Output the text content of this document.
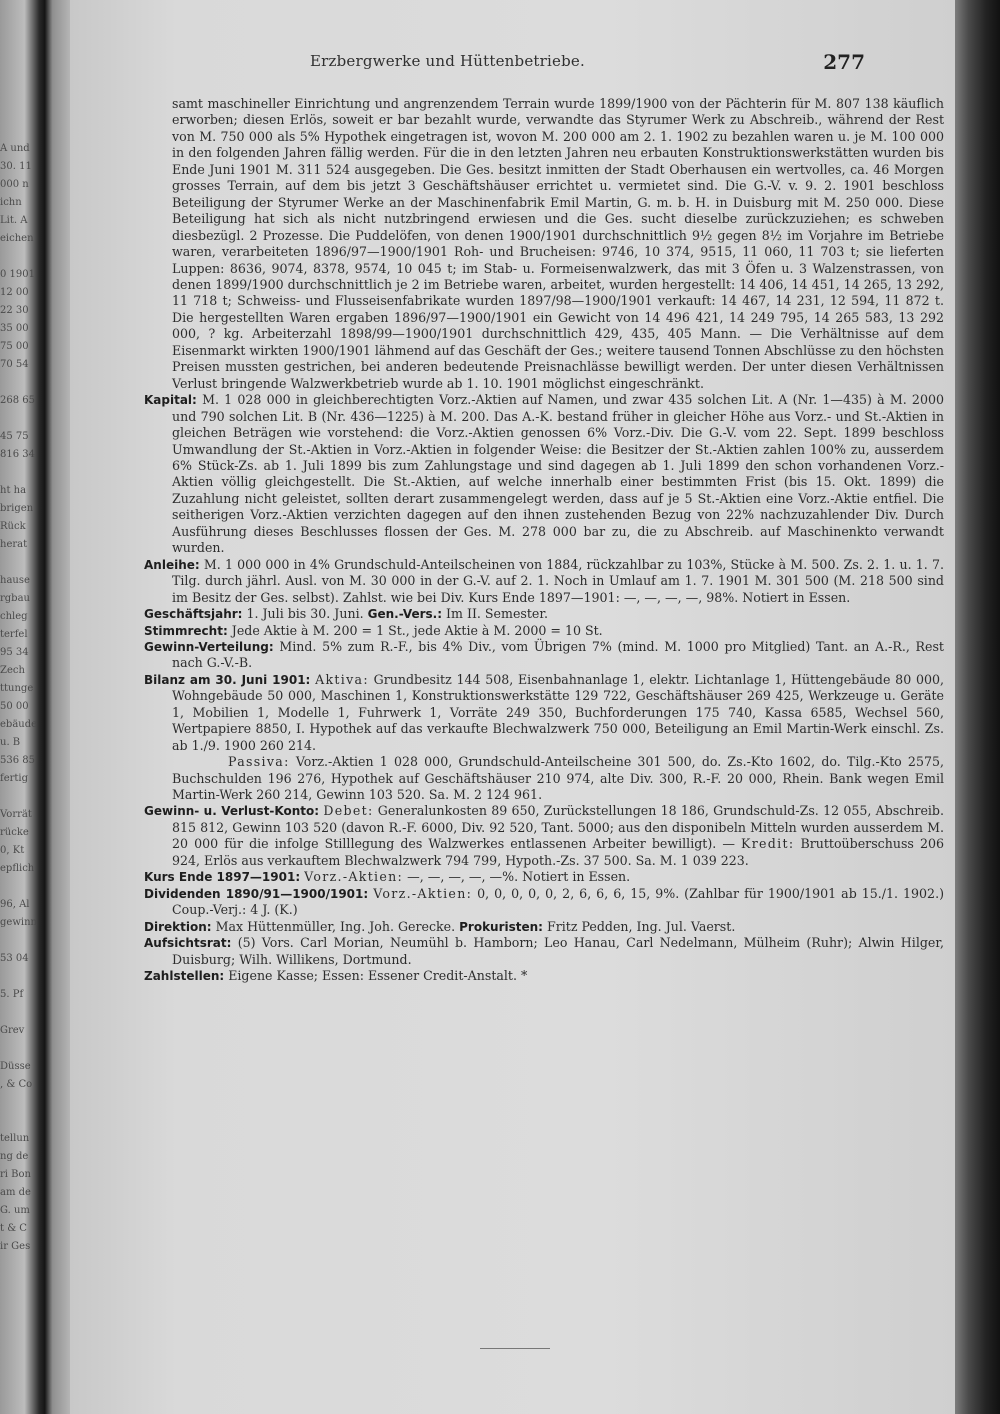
A und
30. 11
000 n
ichn
Lit. A
eichen

0 1901
12 00
22 30
35 00
75 00
70 54

268 65

45 75
816 34

ht ha
brigen
Rück
herat

hause
rgbau
chleg
terfel
95 34
Zech
ttunge
50 00
ebäude
u. B
536 85
fertig

Vorrät
rücke
0, Kt
epflich

96, Al
gewinn

53 04

5. Pf

Grev

Düsse
, & Co

tellun
ng de
ri Bon
am de
G. um
t & C
ir Ges
Erzbergwerke und Hüttenbetriebe.	277

samt maschineller Einrichtung und angrenzendem Terrain wurde 1899/1900 von der Pächterin für M. 807 138 käuflich erworben; diesen Erlös, soweit er bar bezahlt wurde, verwandte das Styrumer Werk zu Abschreib., während der Rest von M. 750 000 als 5% Hypothek eingetragen ist, wovon M. 200 000 am 2. 1. 1902 zu bezahlen waren u. je M. 100 000 in den folgenden Jahren fällig werden. Für die in den letzten Jahren neu erbauten Konstruktionswerkstätten wurden bis Ende Juni 1901 M. 311 524 ausgegeben. Die Ges. besitzt inmitten der Stadt Oberhausen ein wertvolles, ca. 46 Morgen grosses Terrain, auf dem bis jetzt 3 Geschäftshäuser errichtet u. vermietet sind. Die G.-V. v. 9. 2. 1901 beschloss Beteiligung der Styrumer Werke an der Maschinenfabrik Emil Martin, G. m. b. H. in Duisburg mit M. 250 000. Diese Beteiligung hat sich als nicht nutzbringend erwiesen und die Ges. sucht dieselbe zurückzuziehen; es schweben diesbezügl. 2 Prozesse. Die Puddelöfen, von denen 1900/1901 durchschnittlich 9½ gegen 8½ im Vorjahre im Betriebe waren, verarbeiteten 1896/97—1900/1901 Roh- und Brucheisen: 9746, 10 374, 9515, 11 060, 11 703 t; sie lieferten Luppen: 8636, 9074, 8378, 9574, 10 045 t; im Stab- u. Formeisenwalzwerk, das mit 3 Öfen u. 3 Walzenstrassen, von denen 1899/1900 durchschnittlich je 2 im Betriebe waren, arbeitet, wurden hergestellt: 14 406, 14 451, 14 265, 13 292, 11 718 t; Schweiss- und Flusseisenfabrikate wurden 1897/98—1900/1901 verkauft: 14 467, 14 231, 12 594, 11 872 t. Die hergestellten Waren ergaben 1896/97—1900/1901 ein Gewicht von 14 496 421, 14 249 795, 14 265 583, 13 292 000, ? kg. Arbeiterzahl 1898/99—1900/1901 durchschnittlich 429, 435, 405 Mann. — Die Verhältnisse auf dem Eisenmarkt wirkten 1900/1901 lähmend auf das Geschäft der Ges.; weitere tausend Tonnen Abschlüsse zu den höchsten Preisen mussten gestrichen, bei anderen bedeutende Preisnachlässe bewilligt werden. Der unter diesen Verhältnissen Verlust bringende Walzwerkbetrieb wurde ab 1. 10. 1901 möglichst eingeschränkt.

Kapital: M. 1 028 000 in gleichberechtigten Vorz.-Aktien auf Namen, und zwar 435 solchen Lit. A (Nr. 1—435) à M. 2000 und 790 solchen Lit. B (Nr. 436—1225) à M. 200. Das A.-K. bestand früher in gleicher Höhe aus Vorz.- und St.-Aktien in gleichen Beträgen wie vorstehend: die Vorz.-Aktien genossen 6% Vorz.-Div. Die G.-V. vom 22. Sept. 1899 beschloss Umwandlung der St.-Aktien in Vorz.-Aktien in folgender Weise: die Besitzer der St.-Aktien zahlen 100% zu, ausserdem 6% Stück-Zs. ab 1. Juli 1899 bis zum Zahlungstage und sind dagegen ab 1. Juli 1899 den schon vorhandenen Vorz.-Aktien völlig gleichgestellt. Die St.-Aktien, auf welche innerhalb einer bestimmten Frist (bis 15. Okt. 1899) die Zuzahlung nicht geleistet, sollten derart zusammengelegt werden, dass auf je 5 St.-Aktien eine Vorz.-Aktie entfiel. Die seitherigen Vorz.-Aktien verzichten dagegen auf den ihnen zustehenden Bezug von 22% nachzuzahlender Div. Durch Ausführung dieses Beschlusses flossen der Ges. M. 278 000 bar zu, die zu Abschreib. auf Maschinenkto verwandt wurden.

Anleihe: M. 1 000 000 in 4% Grundschuld-Anteilscheinen von 1884, rückzahlbar zu 103%, Stücke à M. 500. Zs. 2. 1. u. 1. 7. Tilg. durch jährl. Ausl. von M. 30 000 in der G.-V. auf 2. 1. Noch in Umlauf am 1. 7. 1901 M. 301 500 (M. 218 500 sind im Besitz der Ges. selbst). Zahlst. wie bei Div. Kurs Ende 1897—1901: —, —, —, —, 98%. Notiert in Essen.

Geschäftsjahr: 1. Juli bis 30. Juni. Gen.-Vers.: Im II. Semester.

Stimmrecht: Jede Aktie à M. 200 = 1 St., jede Aktie à M. 2000 = 10 St.

Gewinn-Verteilung: Mind. 5% zum R.-F., bis 4% Div., vom Übrigen 7% (mind. M. 1000 pro Mitglied) Tant. an A.-R., Rest nach G.-V.-B.

Bilanz am 30. Juni 1901: Aktiva: Grundbesitz 144 508, Eisenbahnanlage 1, elektr. Lichtanlage 1, Hüttengebäude 80 000, Wohngebäude 50 000, Maschinen 1, Konstruktionswerkstätte 129 722, Geschäftshäuser 269 425, Werkzeuge u. Geräte 1, Mobilien 1, Modelle 1, Fuhrwerk 1, Vorräte 249 350, Buchforderungen 175 740, Kassa 6585, Wechsel 560, Wertpapiere 8850, I. Hypothek auf das verkaufte Blechwalzwerk 750 000, Beteiligung an Emil Martin-Werk einschl. Zs. ab 1./9. 1900 260 214.

Passiva: Vorz.-Aktien 1 028 000, Grundschuld-Anteilscheine 301 500, do. Zs.-Kto 1602, do. Tilg.-Kto 2575, Buchschulden 196 276, Hypothek auf Geschäftshäuser 210 974, alte Div. 300, R.-F. 20 000, Rhein. Bank wegen Emil Martin-Werk 260 214, Gewinn 103 520. Sa. M. 2 124 961.

Gewinn- u. Verlust-Konto: Debet: Generalunkosten 89 650, Zurückstellungen 18 186, Grundschuld-Zs. 12 055, Abschreib. 815 812, Gewinn 103 520 (davon R.-F. 6000, Div. 92 520, Tant. 5000; aus den disponibeln Mitteln wurden ausserdem M. 20 000 für die infolge Stilllegung des Walzwerkes entlassenen Arbeiter bewilligt). — Kredit: Bruttoüberschuss 206 924, Erlös aus verkauftem Blechwalzwerk 794 799, Hypoth.-Zs. 37 500. Sa. M. 1 039 223.

Kurs Ende 1897—1901: Vorz.-Aktien: —, —, —, —, —%. Notiert in Essen.

Dividenden 1890/91—1900/1901: Vorz.-Aktien: 0, 0, 0, 0, 0, 2, 6, 6, 6, 15, 9%. (Zahlbar für 1900/1901 ab 15./1. 1902.) Coup.-Verj.: 4 J. (K.)

Direktion: Max Hüttenmüller, Ing. Joh. Gerecke. Prokuristen: Fritz Pedden, Ing. Jul. Vaerst.

Aufsichtsrat: (5) Vors. Carl Morian, Neumühl b. Hamborn; Leo Hanau, Carl Nedelmann, Mülheim (Ruhr); Alwin Hilger, Duisburg; Wilh. Willikens, Dortmund.

Zahlstellen: Eigene Kasse; Essen: Essener Credit-Anstalt. *
